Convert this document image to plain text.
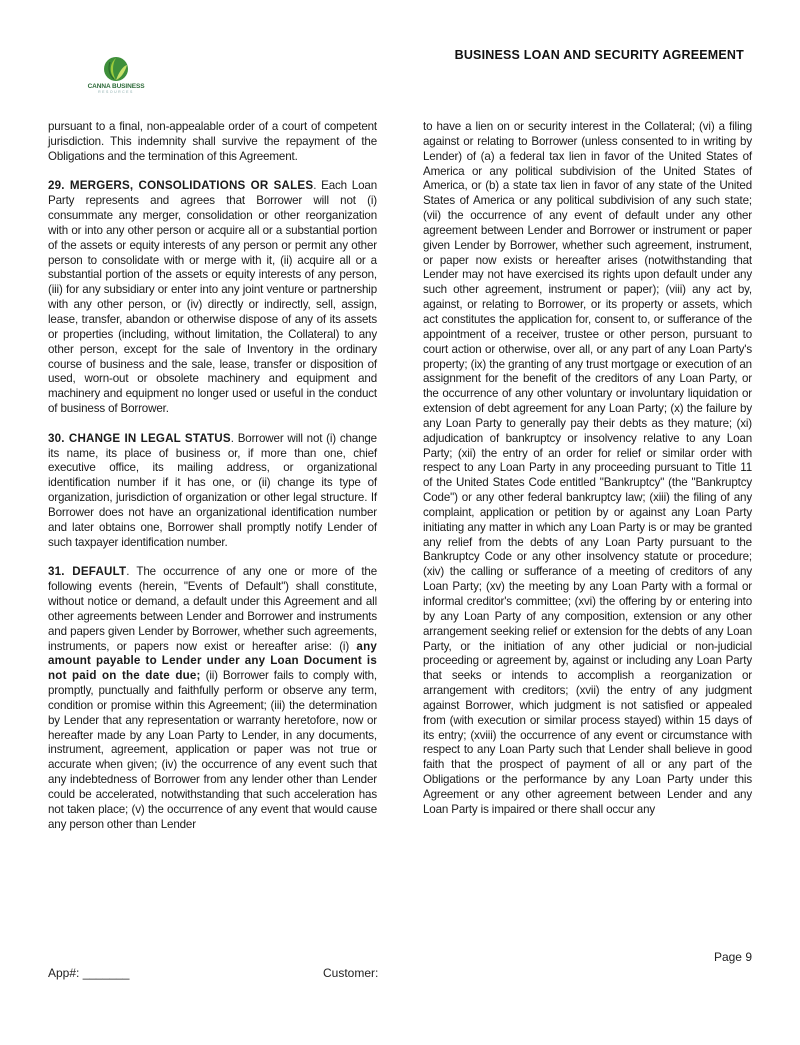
BUSINESS LOAN AND SECURITY AGREEMENT
CANNA BUSINESS
RESOURCES

pursuant to a final, non-appealable order of a court of competent jurisdiction. This indemnity shall survive the repayment of the Obligations and the termination of this Agreement.

29. MERGERS, CONSOLIDATIONS OR SALES. Each Loan Party represents and agrees that Borrower will not (i) consummate any merger, consolidation or other reorganization with or into any other person or acquire all or a substantial portion of the assets or equity interests of any person or permit any other person to consolidate with or merge with it, (ii) acquire all or a substantial portion of the assets or equity interests of any person, (iii) for any subsidiary or enter into any joint venture or partnership with any other person, or (iv) directly or indirectly, sell, assign, lease, transfer, abandon or otherwise dispose of any of its assets or properties (including, without limitation, the Collateral) to any other person, except for the sale of Inventory in the ordinary course of business and the sale, lease, transfer or disposition of used, worn-out or obsolete machinery and equipment and machinery and equipment no longer used or useful in the conduct of business of Borrower.

30. CHANGE IN LEGAL STATUS. Borrower will not (i) change its name, its place of business or, if more than one, chief executive office, its mailing address, or organizational identification number if it has one, or (ii) change its type of organization, jurisdiction of organization or other legal structure. If Borrower does not have an organizational identification number and later obtains one, Borrower shall promptly notify Lender of such taxpayer identification number.

31. DEFAULT. The occurrence of any one or more of the following events (herein, "Events of Default") shall constitute, without notice or demand, a default under this Agreement and all other agreements between Lender and Borrower and instruments and papers given Lender by Borrower, whether such agreements, instruments, or papers now exist or hereafter arise: (i) any amount payable to Lender under any Loan Document is not paid on the date due; (ii) Borrower fails to comply with, promptly, punctually and faithfully perform or observe any term, condition or promise within this Agreement; (iii) the determination by Lender that any representation or warranty heretofore, now or hereafter made by any Loan Party to Lender, in any documents, instrument, agreement, application or paper was not true or accurate when given; (iv) the occurrence of any event such that any indebtedness of Borrower from any lender other than Lender could be accelerated, notwithstanding that such acceleration has not taken place; (v) the occurrence of any event that would cause any person other than Lender

to have a lien on or security interest in the Collateral; (vi) a filing against or relating to Borrower (unless consented to in writing by Lender) of (a) a federal tax lien in favor of the United States of America or any political subdivision of the United States of America, or (b) a state tax lien in favor of any state of the United States of America or any political subdivision of any such state; (vii) the occurrence of any event of default under any other agreement between Lender and Borrower or instrument or paper given Lender by Borrower, whether such agreement, instrument, or paper now exists or hereafter arises (notwithstanding that Lender may not have exercised its rights upon default under any such other agreement, instrument or paper); (viii) any act by, against, or relating to Borrower, or its property or assets, which act constitutes the application for, consent to, or sufferance of the appointment of a receiver, trustee or other person, pursuant to court action or otherwise, over all, or any part of any Loan Party's property; (ix) the granting of any trust mortgage or execution of an assignment for the benefit of the creditors of any Loan Party, or the occurrence of any other voluntary or involuntary liquidation or extension of debt agreement for any Loan Party; (x) the failure by any Loan Party to generally pay their debts as they mature; (xi) adjudication of bankruptcy or insolvency relative to any Loan Party; (xii) the entry of an order for relief or similar order with respect to any Loan Party in any proceeding pursuant to Title 11 of the United States Code entitled "Bankruptcy" (the "Bankruptcy Code") or any other federal bankruptcy law; (xiii) the filing of any complaint, application or petition by or against any Loan Party initiating any matter in which any Loan Party is or may be granted any relief from the debts of any Loan Party pursuant to the Bankruptcy Code or any other insolvency statute or procedure; (xiv) the calling or sufferance of a meeting of creditors of any Loan Party; (xv) the meeting by any Loan Party with a formal or informal creditor's committee; (xvi) the offering by or entering into by any Loan Party of any composition, extension or any other arrangement seeking relief or extension for the debts of any Loan Party, or the initiation of any other judicial or non-judicial proceeding or agreement by, against or including any Loan Party that seeks or intends to accomplish a reorganization or arrangement with creditors; (xvii) the entry of any judgment against Borrower, which judgment is not satisfied or appealed from (with execution or similar process stayed) within 15 days of its entry; (xviii) the occurrence of any event or circumstance with respect to any Loan Party such that Lender shall believe in good faith that the prospect of payment of all or any part of the Obligations or the performance by any Loan Party under this Agreement or any other agreement between Lender and any Loan Party is impaired or there shall occur any

Page 9
App#: _______	Customer:
